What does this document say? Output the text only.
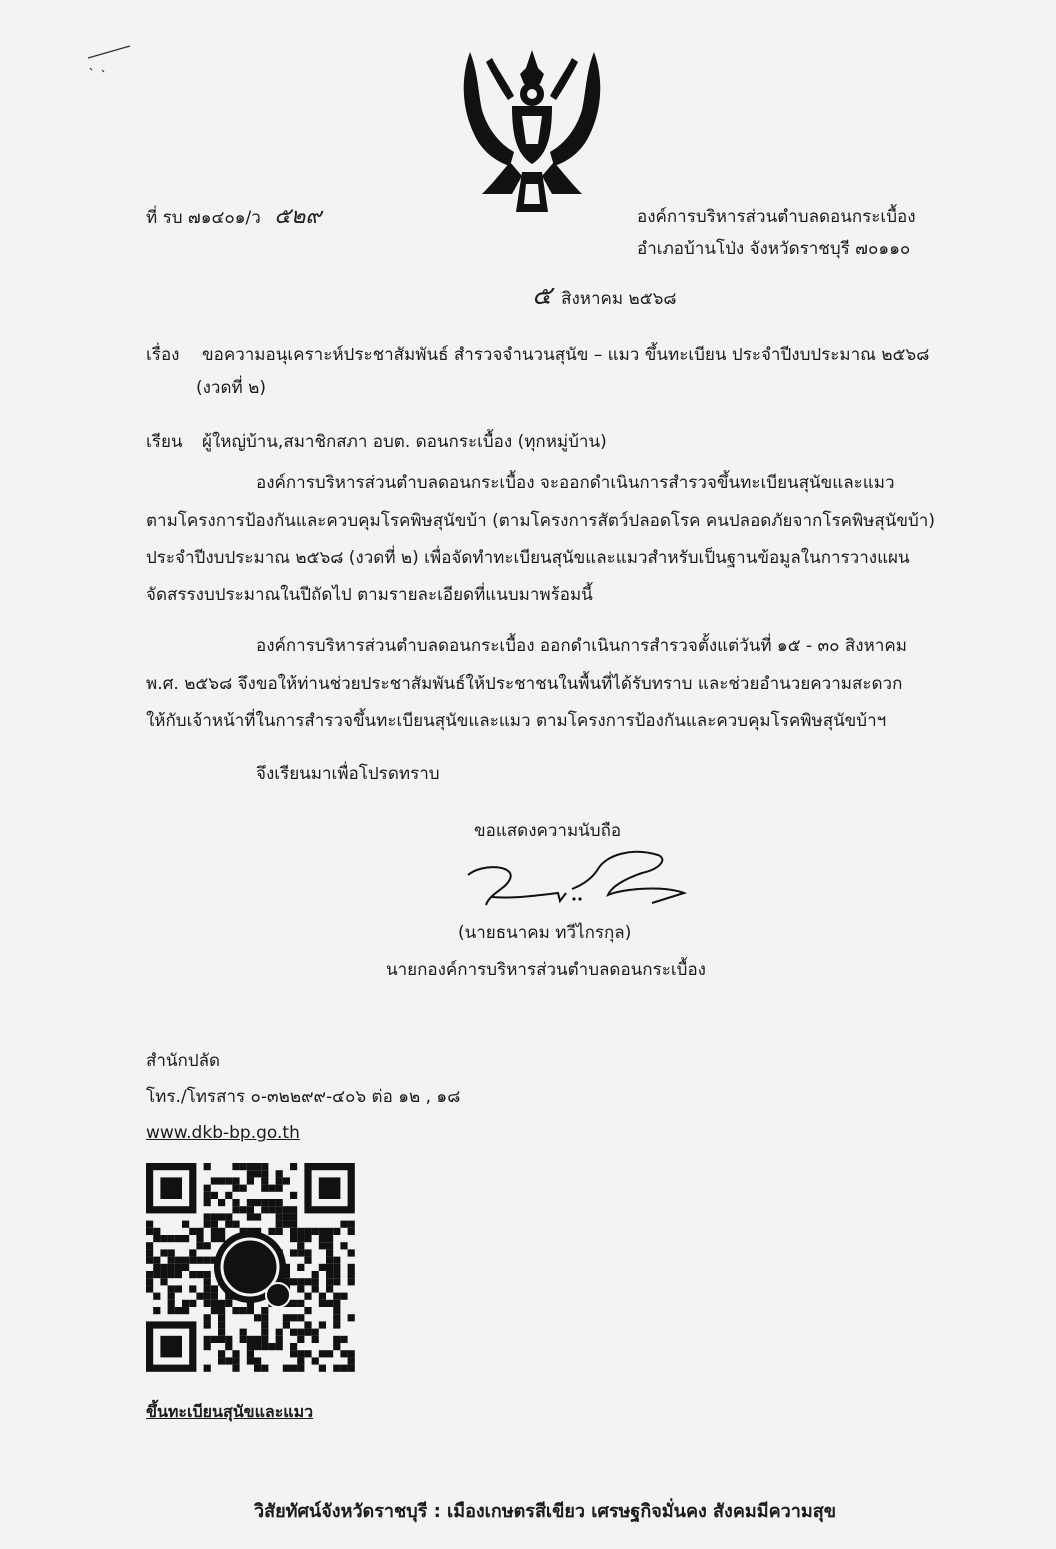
ที่ รบ ๗๑๔๐๑/ว ๕๒๙	องค์การบริหารส่วนตำบลดอนกระเบื้อง
อำเภอบ้านโป่ง จังหวัดราชบุรี ๗๐๑๑๐
๕ สิงหาคม ๒๕๖๘
เรื่อง ขอความอนุเคราะห์ประชาสัมพันธ์ สำรวจจำนวนสุนัข – แมว ขึ้นทะเบียน ประจำปีงบประมาณ ๒๕๖๘
(งวดที่ ๒)
เรียน ผู้ใหญ่บ้าน,สมาชิกสภา อบต. ดอนกระเบื้อง (ทุกหมู่บ้าน)
องค์การบริหารส่วนตำบลดอนกระเบื้อง จะออกดำเนินการสำรวจขึ้นทะเบียนสุนัขและแมว
ตามโครงการป้องกันและควบคุมโรคพิษสุนัขบ้า (ตามโครงการสัตว์ปลอดโรค คนปลอดภัยจากโรคพิษสุนัขบ้า)
ประจำปีงบประมาณ ๒๕๖๘ (งวดที่ ๒) เพื่อจัดทำทะเบียนสุนัขและแมวสำหรับเป็นฐานข้อมูลในการวางแผน
จัดสรรงบประมาณในปีถัดไป ตามรายละเอียดที่แนบมาพร้อมนี้
องค์การบริหารส่วนตำบลดอนกระเบื้อง ออกดำเนินการสำรวจตั้งแต่วันที่ ๑๕ - ๓๐ สิงหาคม
พ.ศ. ๒๕๖๘ จึงขอให้ท่านช่วยประชาสัมพันธ์ให้ประชาชนในพื้นที่ได้รับทราบ และช่วยอำนวยความสะดวก
ให้กับเจ้าหน้าที่ในการสำรวจขึ้นทะเบียนสุนัขและแมว ตามโครงการป้องกันและควบคุมโรคพิษสุนัขบ้าฯ
จึงเรียนมาเพื่อโปรดทราบ
ขอแสดงความนับถือ
(นายธนาคม ทวีไกรกุล)
นายกองค์การบริหารส่วนตำบลดอนกระเบื้อง
สำนักปลัด
โทร./โทรสาร ๐-๓๒๒๙๙-๔๐๖ ต่อ ๑๒ , ๑๘
www.dkb-bp.go.th
ขึ้นทะเบียนสุนัขและแมว
วิสัยทัศน์จังหวัดราชบุรี : เมืองเกษตรสีเขียว เศรษฐกิจมั่นคง สังคมมีความสุข
